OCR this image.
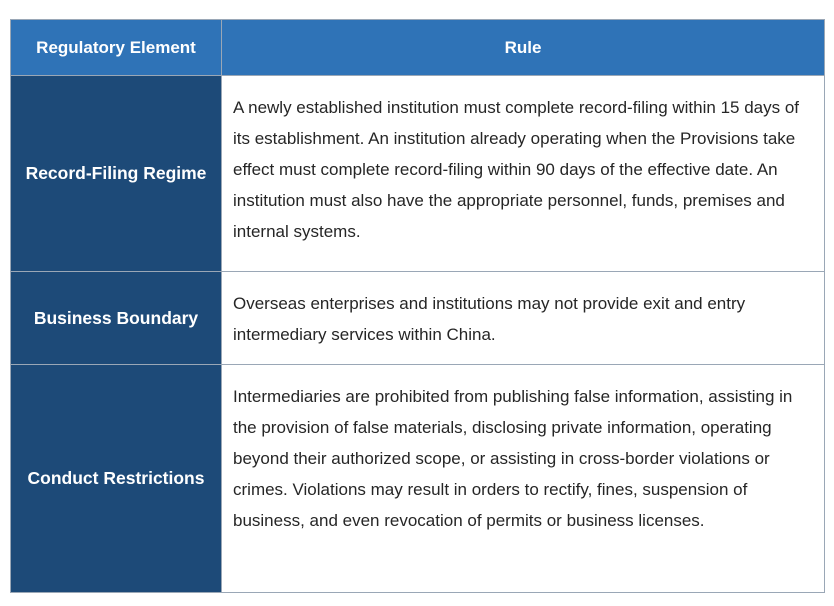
Regulatory Element	Rule
Record-Filing Regime	A newly established institution must complete record-filing within 15 days of its establishment. An institution already operating when the Provisions take effect must complete record-filing within 90 days of the effective date. An institution must also have the appropriate personnel, funds, premises and internal systems.
Business Boundary	Overseas enterprises and institutions may not provide exit and entry intermediary services within China.
Conduct Restrictions	Intermediaries are prohibited from publishing false information, assisting in the provision of false materials, disclosing private information, operating beyond their authorized scope, or assisting in cross-border violations or crimes. Violations may result in orders to rectify, fines, suspension of business, and even revocation of permits or business licenses.
